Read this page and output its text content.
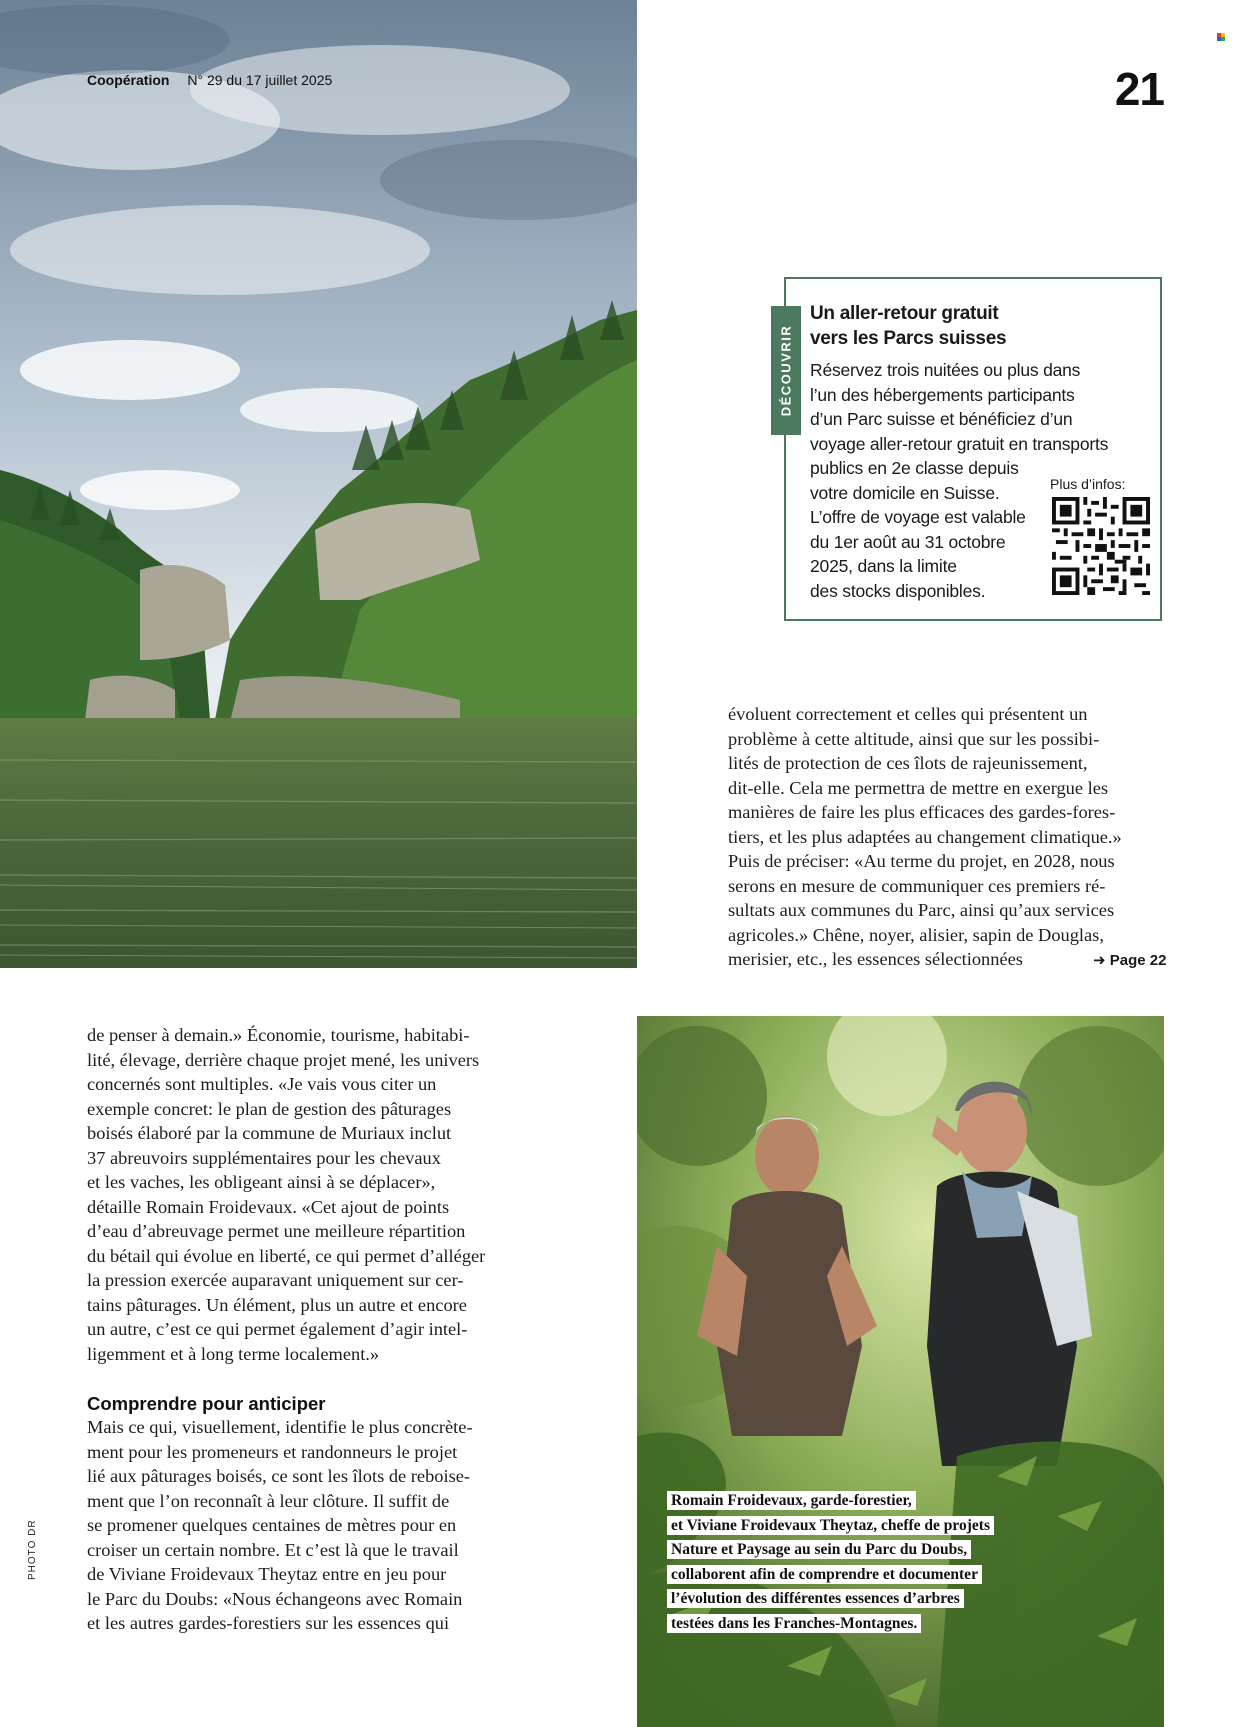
Coopération N° 29 du 17 juillet 2025	21
DÉCOUVRIR
Un aller-retour gratuit
vers les Parcs suisses
Réservez trois nuitées ou plus dans
l’un des hébergements participants
d’un Parc suisse et bénéficiez d’un
voyage aller-retour gratuit en transports
publics en 2e classe depuis
votre domicile en Suisse.
L’offre de voyage est valable
du 1er août au 31 octobre
2025, dans la limite
des stocks disponibles.
Plus d’infos:
évoluent correctement et celles qui présentent un
problème à cette altitude, ainsi que sur les possibi-
lités de protection de ces îlots de rajeunissement,
dit-elle. Cela me permettra de mettre en exergue les
manières de faire les plus efficaces des gardes-fores-
tiers, et les plus adaptées au changement climatique.»
Puis de préciser: «Au terme du projet, en 2028, nous
serons en mesure de communiquer ces premiers ré-
sultats aux communes du Parc, ainsi qu’aux services
agricoles.» Chêne, noyer, alisier, sapin de Douglas,
merisier, etc., les essences sélectionnées	➜ Page 22
de penser à demain.» Économie, tourisme, habitabi-
lité, élevage, derrière chaque projet mené, les univers
concernés sont multiples. «Je vais vous citer un
exemple concret: le plan de gestion des pâturages
boisés élaboré par la commune de Muriaux inclut
37 abreuvoirs supplémentaires pour les chevaux
et les vaches, les obligeant ainsi à se déplacer»,
détaille Romain Froidevaux. «Cet ajout de points
d’eau d’abreuvage permet une meilleure répartition
du bétail qui évolue en liberté, ce qui permet d’alléger
la pression exercée auparavant uniquement sur cer-
tains pâturages. Un élément, plus un autre et encore
un autre, c’est ce qui permet également d’agir intel-
ligemment et à long terme localement.»
Comprendre pour anticiper
Mais ce qui, visuellement, identifie le plus concrète-
ment pour les promeneurs et randonneurs le projet
lié aux pâturages boisés, ce sont les îlots de reboise-
ment que l’on reconnaît à leur clôture. Il suffit de
se promener quelques centaines de mètres pour en
croiser un certain nombre. Et c’est là que le travail
de Viviane Froidevaux Theytaz entre en jeu pour
le Parc du Doubs: «Nous échangeons avec Romain
et les autres gardes-forestiers sur les essences qui
PHOTO DR
Romain Froidevaux, garde-forestier,
et Viviane Froidevaux Theytaz, cheffe de projets
Nature et Paysage au sein du Parc du Doubs,
collaborent afin de comprendre et documenter
l’évolution des différentes essences d’arbres
testées dans les Franches-Montagnes.
